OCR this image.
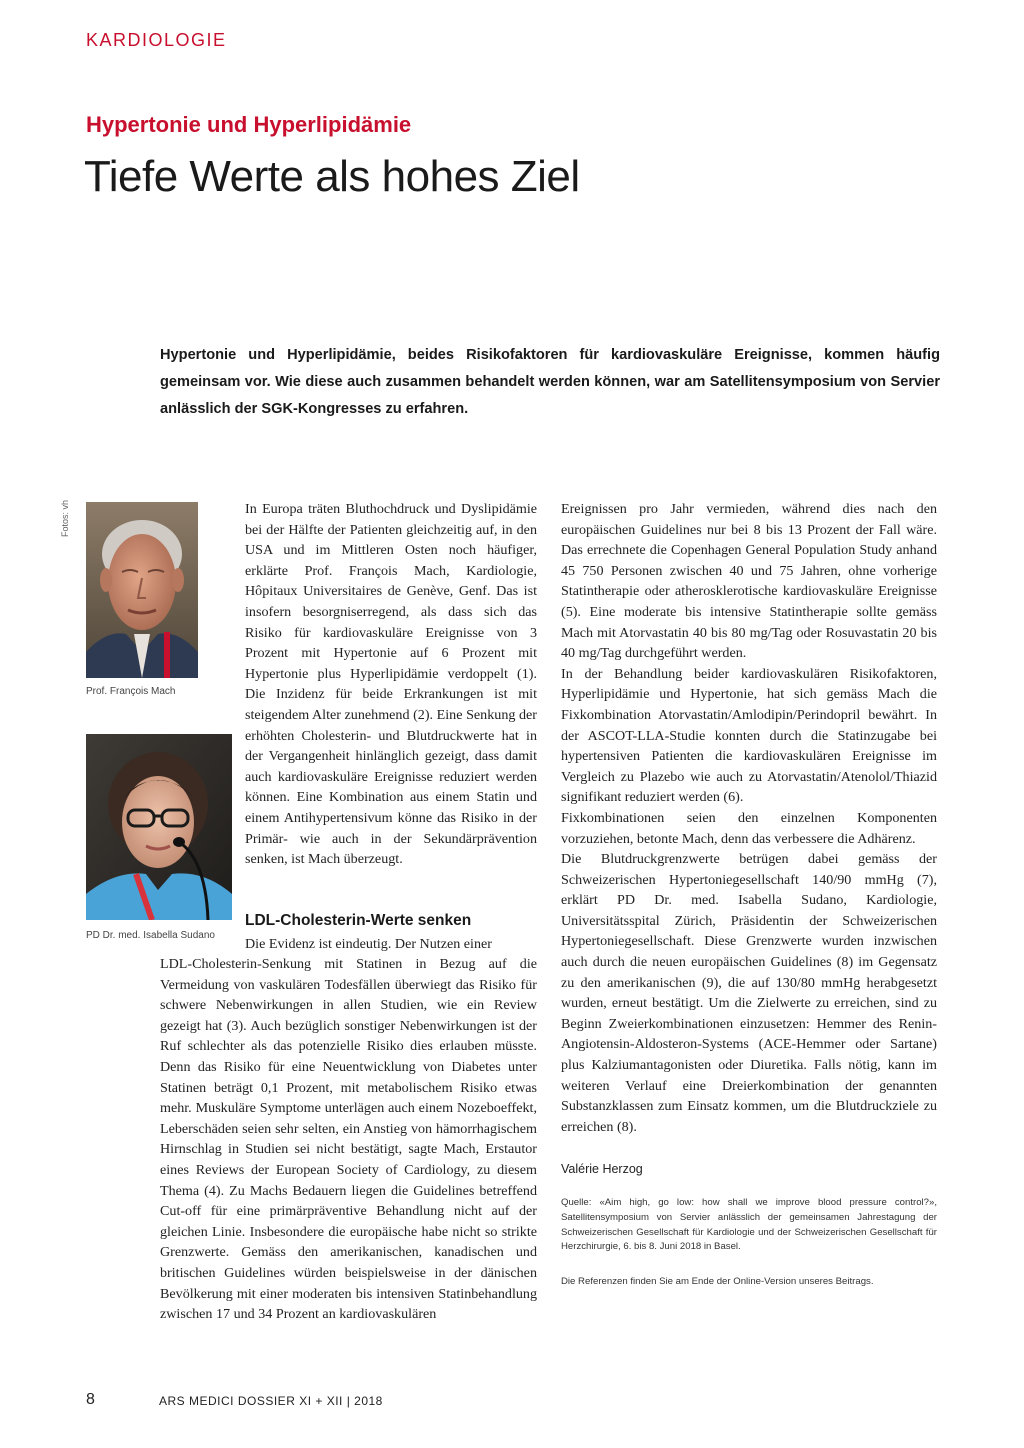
KARDIOLOGIE
Hypertonie und Hyperlipidämie
Tiefe Werte als hohes Ziel

Hypertonie und Hyperlipidämie, beides Risikofaktoren für kardiovaskuläre Ereignisse, kommen häufig gemeinsam vor. Wie diese auch zusammen behandelt werden können, war am Satellitensymposium von Servier anlässlich der SGK-Kongresses zu erfahren.

Fotos: vh
Prof. François Mach
PD Dr. med. Isabella Sudano

In Europa träten Bluthochdruck und Dyslipidämie bei der Hälfte der Patienten gleichzeitig auf, in den USA und im Mittleren Osten noch häufiger, erklärte Prof. François Mach, Kardiologie, Hôpitaux Universitaires de Genève, Genf. Das ist insofern besorgniserregend, als dass sich das Risiko für kardiovaskuläre Ereignisse von 3 Prozent mit Hypertonie auf 6 Prozent mit Hypertonie plus Hyperlipidämie verdoppelt (1). Die Inzidenz für beide Erkrankungen ist mit steigendem Alter zunehmend (2). Eine Senkung der erhöhten Cholesterin- und Blutdruckwerte hat in der Vergangenheit hinlänglich gezeigt, dass damit auch kardiovaskuläre Ereignisse reduziert werden können. Eine Kombination aus einem Statin und einem Antihypertensivum könne das Risiko in der Primär- wie auch in der Sekundärprävention senken, ist Mach überzeugt.

LDL-Cholesterin-Werte senken

Die Evidenz ist eindeutig. Der Nutzen einer

LDL-Cholesterin-Senkung mit Statinen in Bezug auf die Vermeidung von vaskulären Todesfällen überwiegt das Risiko für schwere Nebenwirkungen in allen Studien, wie ein Review gezeigt hat (3). Auch bezüglich sonstiger Nebenwirkungen ist der Ruf schlechter als das potenzielle Risiko dies erlauben müsste. Denn das Risiko für eine Neuentwicklung von Diabetes unter Statinen beträgt 0,1 Prozent, mit metabolischem Risiko etwas mehr. Muskuläre Symptome unterlägen auch einem Nozeboeffekt, Leberschäden seien sehr selten, ein Anstieg von hämorrhagischem Hirnschlag in Studien sei nicht bestätigt, sagte Mach, Erstautor eines Reviews der European Society of Cardiology, zu diesem Thema (4). Zu Machs Bedauern liegen die Guidelines betreffend Cut-off für eine primärpräventive Behandlung nicht auf der gleichen Linie. Insbesondere die europäische habe nicht so strikte Grenzwerte. Gemäss den amerikanischen, kanadischen und britischen Guidelines würden beispielsweise in der dänischen Bevölkerung mit einer moderaten bis intensiven Statinbehandlung zwischen 17 und 34 Prozent an kardiovaskulären

Ereignissen pro Jahr vermieden, während dies nach den europäischen Guidelines nur bei 8 bis 13 Prozent der Fall wäre. Das errechnete die Copenhagen General Population Study anhand 45 750 Personen zwischen 40 und 75 Jahren, ohne vorherige Statintherapie oder atherosklerotische kardiovaskuläre Ereignisse (5). Eine moderate bis intensive Statintherapie sollte gemäss Mach mit Atorvastatin 40 bis 80 mg/Tag oder Rosuvastatin 20 bis 40 mg/Tag durchgeführt werden.

In der Behandlung beider kardiovaskulären Risikofaktoren, Hyperlipidämie und Hypertonie, hat sich gemäss Mach die Fixkombination Atorvastatin/Amlodipin/Perindopril bewährt. In der ASCOT-LLA-Studie konnten durch die Statinzugabe bei hypertensiven Patienten die kardiovaskulären Ereignisse im Vergleich zu Plazebo wie auch zu Atorvastatin/Atenolol/Thiazid signifikant reduziert werden (6).

Fixkombinationen seien den einzelnen Komponenten vorzuziehen, betonte Mach, denn das verbessere die Adhärenz.

Die Blutdruckgrenzwerte betrügen dabei gemäss der Schweizerischen Hypertoniegesellschaft 140/90 mmHg (7), erklärt PD Dr. med. Isabella Sudano, Kardiologie, Universitätsspital Zürich, Präsidentin der Schweizerischen Hypertoniegesellschaft. Diese Grenzwerte wurden inzwischen auch durch die neuen europäischen Guidelines (8) im Gegensatz zu den amerikanischen (9), die auf 130/80 mmHg herabgesetzt wurden, erneut bestätigt. Um die Zielwerte zu erreichen, sind zu Beginn Zweierkombinationen einzusetzen: Hemmer des Renin-Angiotensin-Aldosteron-Systems (ACE-Hemmer oder Sartane) plus Kalziumantagonisten oder Diuretika. Falls nötig, kann im weiteren Verlauf eine Dreierkombination der genannten Substanzklassen zum Einsatz kommen, um die Blutdruckziele zu erreichen (8).

Valérie Herzog
Quelle: «Aim high, go low: how shall we improve blood pressure control?», Satellitensymposium von Servier anlässlich der gemeinsamen Jahrestagung der Schweizerischen Gesellschaft für Kardiologie und der Schweizerischen Gesellschaft für Herzchirurgie, 6. bis 8. Juni 2018 in Basel.
Die Referenzen finden Sie am Ende der Online-Version unseres Beitrags.
8	ARS MEDICI DOSSIER XI + XII | 2018
